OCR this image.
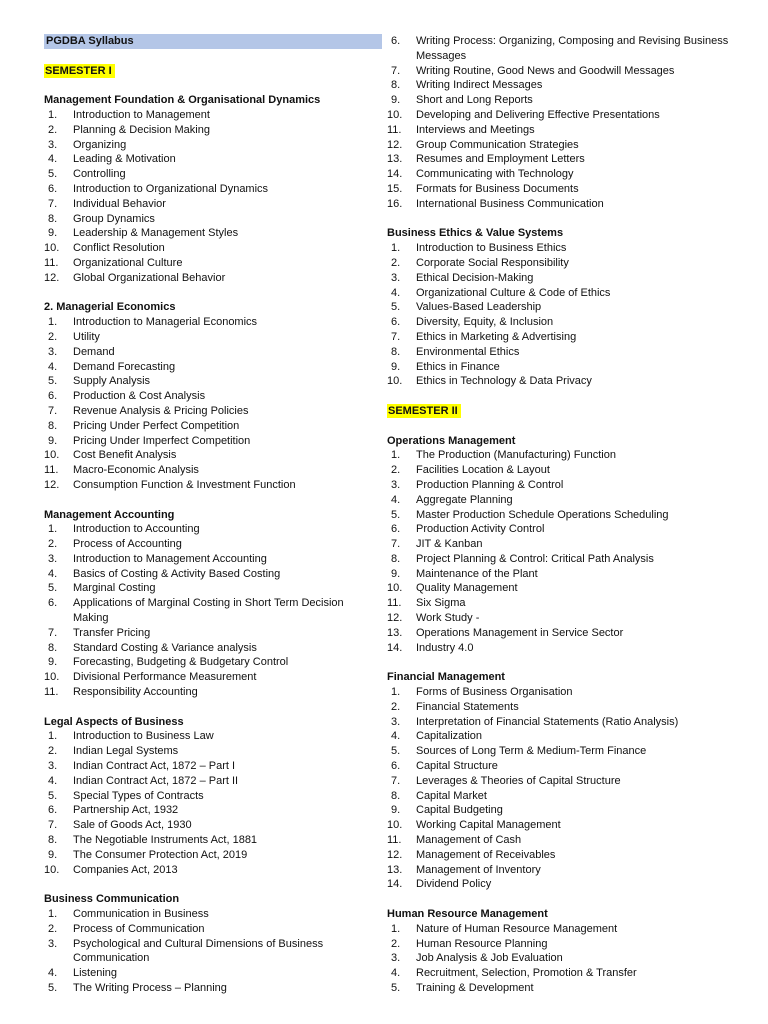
PGDBA Syllabus
SEMESTER I
Management Foundation & Organisational Dynamics
1.	Introduction to Management
2.	Planning & Decision Making
3.	Organizing
4.	Leading & Motivation
5.	Controlling
6.	Introduction to Organizational Dynamics
7.	Individual Behavior
8.	Group Dynamics
9.	Leadership & Management Styles
10.	Conflict Resolution
11.	Organizational Culture
12.	Global Organizational Behavior
2. Managerial Economics
1.	Introduction to Managerial Economics
2.	Utility
3.	Demand
4.	Demand Forecasting
5.	Supply Analysis
6.	Production & Cost Analysis
7.	Revenue Analysis & Pricing Policies
8.	Pricing Under Perfect Competition
9.	Pricing Under Imperfect Competition
10.	Cost Benefit Analysis
11.	Macro-Economic Analysis
12.	Consumption Function & Investment Function
Management Accounting
1.	Introduction to Accounting
2.	Process of Accounting
3.	Introduction to Management Accounting
4.	Basics of Costing & Activity Based Costing
5.	Marginal Costing
6.	Applications of Marginal Costing in Short Term Decision Making
7.	Transfer Pricing
8.	Standard Costing & Variance analysis
9.	Forecasting, Budgeting & Budgetary Control
10.	Divisional Performance Measurement
11.	Responsibility Accounting
Legal Aspects of Business
1.	Introduction to Business Law
2.	Indian Legal Systems
3.	Indian Contract Act, 1872 – Part I
4.	Indian Contract Act, 1872 – Part II
5.	Special Types of Contracts
6.	Partnership Act, 1932
7.	Sale of Goods Act, 1930
8.	The Negotiable Instruments Act, 1881
9.	The Consumer Protection Act, 2019
10.	Companies Act, 2013
Business Communication
1.	Communication in Business
2.	Process of Communication
3.	Psychological and Cultural Dimensions of Business Communication
4.	Listening
5.	The Writing Process – Planning
6.	Writing Process: Organizing, Composing and Revising Business Messages
7.	Writing Routine, Good News and Goodwill Messages
8.	Writing Indirect Messages
9.	Short and Long Reports
10.	Developing and Delivering Effective Presentations
11.	Interviews and Meetings
12.	Group Communication Strategies
13.	Resumes and Employment Letters
14.	Communicating with Technology
15.	Formats for Business Documents
16.	International Business Communication
Business Ethics & Value Systems
1.	Introduction to Business Ethics
2.	Corporate Social Responsibility
3.	Ethical Decision-Making
4.	Organizational Culture & Code of Ethics
5.	Values-Based Leadership
6.	Diversity, Equity, & Inclusion
7.	Ethics in Marketing & Advertising
8.	Environmental Ethics
9.	Ethics in Finance
10.	Ethics in Technology & Data Privacy
SEMESTER II
Operations Management
1.	The Production (Manufacturing) Function
2.	Facilities Location & Layout
3.	Production Planning & Control
4.	Aggregate Planning
5.	Master Production Schedule Operations Scheduling
6.	Production Activity Control
7.	JIT & Kanban
8.	Project Planning & Control: Critical Path Analysis
9.	Maintenance of the Plant
10.	Quality Management
11.	Six Sigma
12.	Work Study -
13.	Operations Management in Service Sector
14.	Industry 4.0
Financial Management
1.	Forms of Business Organisation
2.	Financial Statements
3.	Interpretation of Financial Statements (Ratio Analysis)
4.	Capitalization
5.	Sources of Long Term & Medium-Term Finance
6.	Capital Structure
7.	Leverages & Theories of Capital Structure
8.	Capital Market
9.	Capital Budgeting
10.	Working Capital Management
11.	Management of Cash
12.	Management of Receivables
13.	Management of Inventory
14.	Dividend Policy
Human Resource Management
1.	Nature of Human Resource Management
2.	Human Resource Planning
3.	Job Analysis & Job Evaluation
4.	Recruitment, Selection, Promotion & Transfer
5.	Training & Development
